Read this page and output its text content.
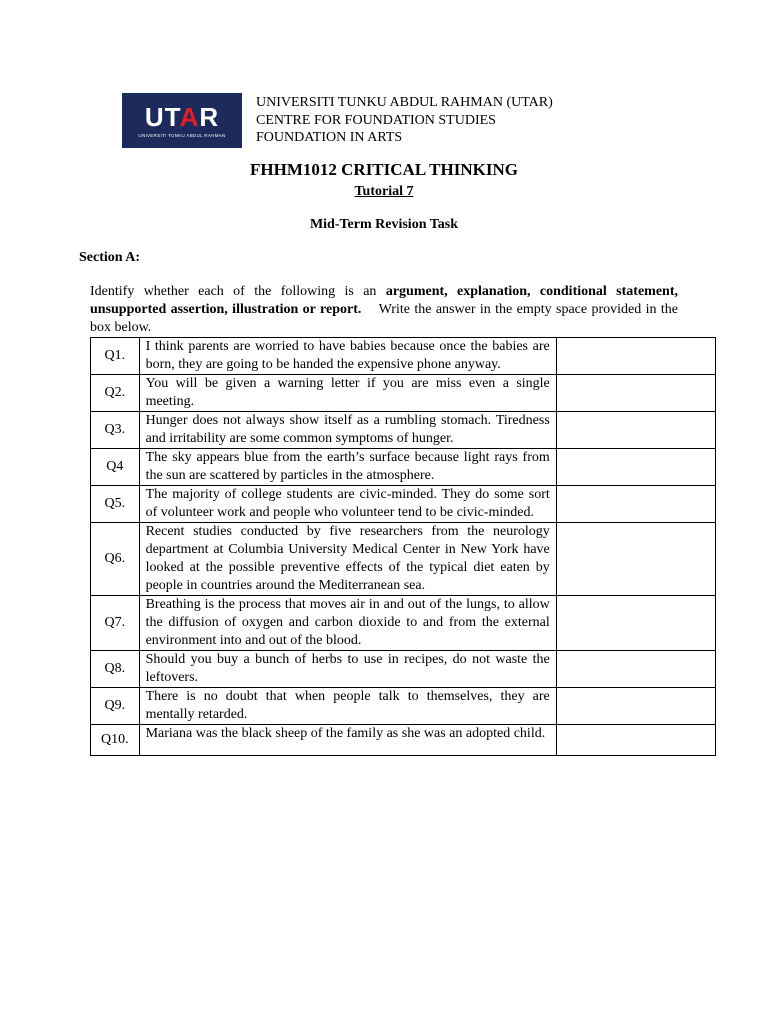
UTAR
UNIVERSITI TUNKU ABDUL RAHMAN
UNIVERSITI TUNKU ABDUL RAHMAN (UTAR)
CENTRE FOR FOUNDATION STUDIES
FOUNDATION IN ARTS
FHHM1012 CRITICAL THINKING
Tutorial 7
Mid-Term Revision Task
Section A:
Identify whether each of the following is an argument, explanation, conditional statement, unsupported assertion, illustration or report.    Write the answer in the empty space provided in the box below.
Q1.	I think parents are worried to have babies because once the babies are born, they are going to be handed the expensive phone anyway.	
Q2.	You will be given a warning letter if you are miss even a single meeting.	
Q3.	Hunger does not always show itself as a rumbling stomach. Tiredness and irritability are some common symptoms of hunger.	
Q4	The sky appears blue from the earth’s surface because light rays from the sun are scattered by particles in the atmosphere.	
Q5.	The majority of college students are civic-minded. They do some sort of volunteer work and people who volunteer tend to be civic-minded.	
Q6.	Recent studies conducted by five researchers from the neurology department at Columbia University Medical Center in New York have looked at the possible preventive effects of the typical diet eaten by people in countries around the Mediterranean sea.	
Q7.	Breathing is the process that moves air in and out of the lungs, to allow the diffusion of oxygen and carbon dioxide to and from the external environment into and out of the blood.	
Q8.	Should you buy a bunch of herbs to use in recipes, do not waste the leftovers.	
Q9.	There is no doubt that when people talk to themselves, they are mentally retarded.	
Q10.	Mariana was the black sheep of the family as she was an adopted child.	
